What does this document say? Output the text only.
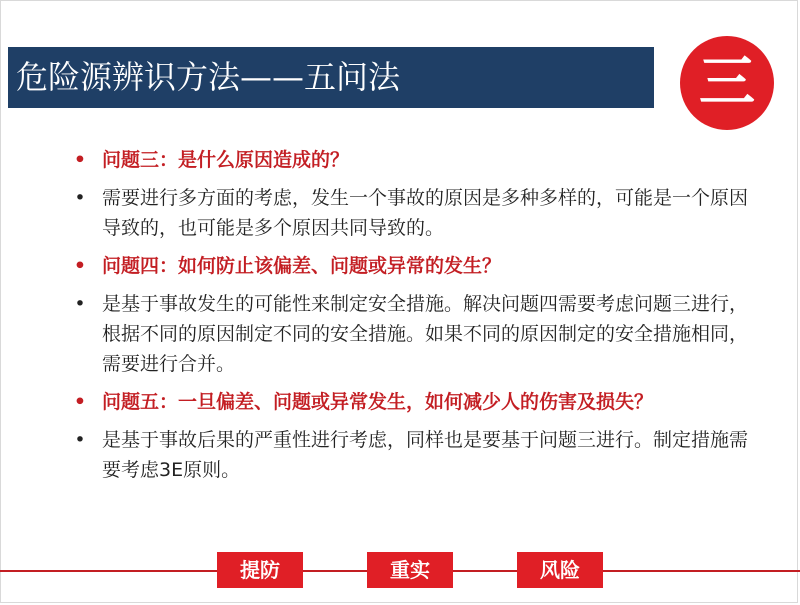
危险源辨识方法——五问法	三
• 问题三：是什么原因造成的？
• 需要进行多方面的考虑，发生一个事故的原因是多种多样的，可能是一个原因导致的，也可能是多个原因共同导致的。
• 问题四：如何防止该偏差、问题或异常的发生？
• 是基于事故发生的可能性来制定安全措施。解决问题四需要考虑问题三进行，根据不同的原因制定不同的安全措施。如果不同的原因制定的安全措施相同，需要进行合并。
• 问题五：一旦偏差、问题或异常发生，如何减少人的伤害及损失？
• 是基于事故后果的严重性进行考虑，同样也是要基于问题三进行。制定措施需要考虑3E原则。
提防	重实	风险
